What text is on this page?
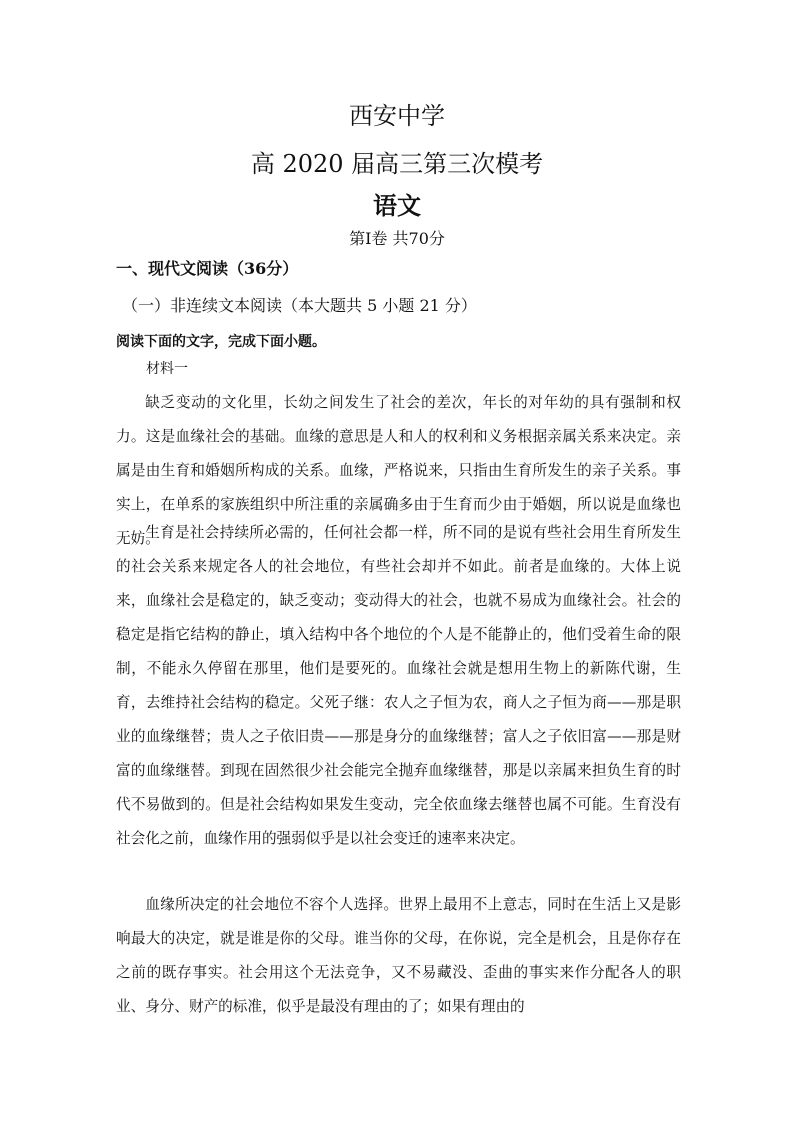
西安中学
高 2020 届高三第三次模考
语文
第Ⅰ卷 共70分
一、现代文阅读（36分）
（一）非连续文本阅读（本大题共 5 小题 21 分）
阅读下面的文字，完成下面小题。
材料一

缺乏变动的文化里，长幼之间发生了社会的差次，年长的对年幼的具有强制和权力。这是血缘社会的基础。血缘的意思是人和人的权利和义务根据亲属关系来决定。亲属是由生育和婚姻所构成的关系。血缘，严格说来，只指由生育所发生的亲子关系。事实上，在单系的家族组织中所注重的亲属确多由于生育而少由于婚姻，所以说是血缘也无妨。

生育是社会持续所必需的，任何社会都一样，所不同的是说有些社会用生育所发生的社会关系来规定各人的社会地位，有些社会却并不如此。前者是血缘的。大体上说来，血缘社会是稳定的，缺乏变动；变动得大的社会，也就不易成为血缘社会。社会的稳定是指它结构的静止，填入结构中各个地位的个人是不能静止的，他们受着生命的限制，不能永久停留在那里，他们是要死的。血缘社会就是想用生物上的新陈代谢，生育，去维持社会结构的稳定。父死子继：农人之子恒为农，商人之子恒为商——那是职业的血缘继替；贵人之子依旧贵——那是身分的血缘继替；富人之子依旧富——那是财富的血缘继替。到现在固然很少社会能完全抛弃血缘继替，那是以亲属来担负生育的时代不易做到的。但是社会结构如果发生变动，完全依血缘去继替也属不可能。生育没有社会化之前，血缘作用的强弱似乎是以社会变迁的速率来决定。

血缘所决定的社会地位不容个人选择。世界上最用不上意志，同时在生活上又是影响最大的决定，就是谁是你的父母。谁当你的父母，在你说，完全是机会，且是你存在之前的既存事实。社会用这个无法竞争，又不易藏没、歪曲的事实来作分配各人的职业、身分、财产的标准，似乎是最没有理由的了；如果有理由的
